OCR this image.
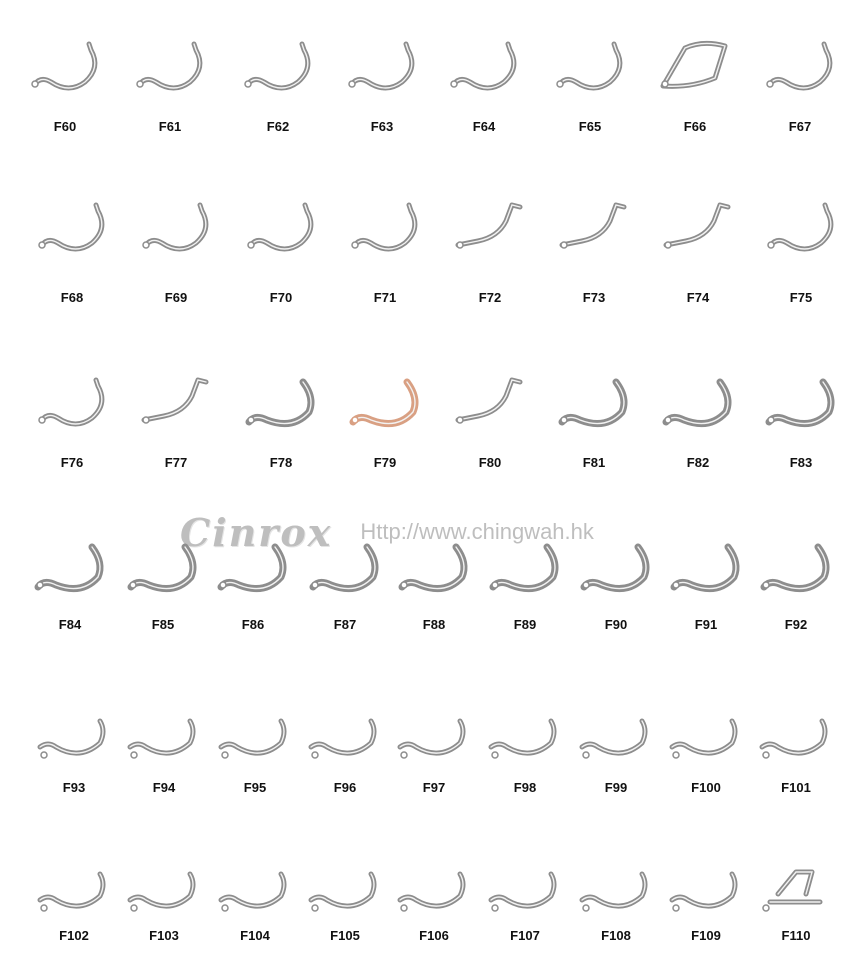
Cinrox Http://www.chingwah.hk
F60	F61	F62	F63	F64	F65	F66	F67
F68	F69	F70	F71	F72	F73	F74	F75
F76	F77	F78	F79	F80	F81	F82	F83
F84	F85	F86	F87	F88	F89	F90	F91	F92
F93	F94	F95	F96	F97	F98	F99	F100	F101
F102	F103	F104	F105	F106	F107	F108	F109	F110
